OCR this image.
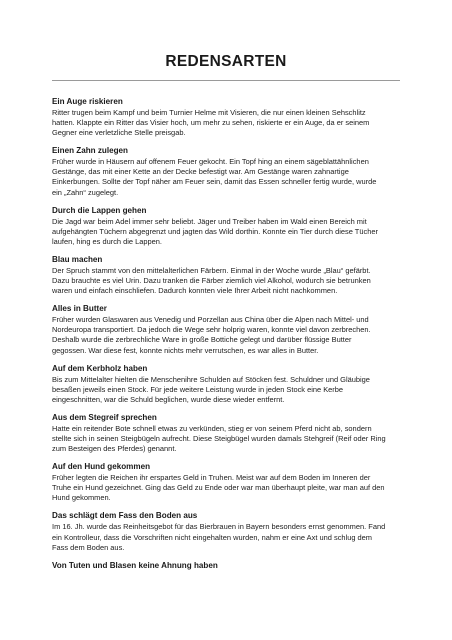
REDENSARTEN
Ein Auge riskieren

Ritter trugen beim Kampf und beim Turnier Helme mit Visieren, die nur einen kleinen Sehschlitz
hatten. Klappte ein Ritter das Visier hoch, um mehr zu sehen, riskierte er ein Auge, da er seinem
Gegner eine verletzliche Stelle preisgab.

Einen Zahn zulegen

Früher wurde in Häusern auf offenem Feuer gekocht. Ein Topf hing an einem sägeblattähnlichen
Gestänge, das mit einer Kette an der Decke befestigt war. Am Gestänge waren zahnartige
Einkerbungen. Sollte der Topf näher am Feuer sein, damit das Essen schneller fertig wurde, wurde
ein „Zahn“ zugelegt.

Durch die Lappen gehen

Die Jagd war beim Adel immer sehr beliebt. Jäger und Treiber haben im Wald einen Bereich mit
aufgehängten Tüchern abgegrenzt und jagten das Wild dorthin. Konnte ein Tier durch diese Tücher
laufen, hing es durch die Lappen.

Blau machen

Der Spruch stammt von den mittelalterlichen Färbern. Einmal in der Woche wurde „Blau“ gefärbt.
Dazu brauchte es viel Urin. Dazu tranken die Färber ziemlich viel Alkohol, wodurch sie betrunken
waren und einfach einschliefen. Dadurch konnten viele Ihrer Arbeit nicht nachkommen.

Alles in Butter

Früher wurden Glaswaren aus Venedig und Porzellan aus China über die Alpen nach Mittel- und
Nordeuropa transportiert. Da jedoch die Wege sehr holprig waren, konnte viel davon zerbrechen.
Deshalb wurde die zerbrechliche Ware in große Bottiche gelegt und darüber flüssige Butter
gegossen. War diese fest, konnte nichts mehr verrutschen, es war alles in Butter.

Auf dem Kerbholz haben

Bis zum Mittelalter hielten die Menschenihre Schulden auf Stöcken fest. Schuldner und Gläubige
besaßen jeweils einen Stock. Für jede weitere Leistung wurde in jeden Stock eine Kerbe
eingeschnitten, war die Schuld beglichen, wurde diese wieder entfernt.

Aus dem Stegreif sprechen

Hatte ein reitender Bote schnell etwas zu verkünden, stieg er von seinem Pferd nicht ab, sondern
stellte sich in seinen Steigbügeln aufrecht. Diese Steigbügel wurden damals Stehgreif (Reif oder Ring
zum Besteigen des Pferdes) genannt.

Auf den Hund gekommen

Früher legten die Reichen ihr erspartes Geld in Truhen. Meist war auf dem Boden im Inneren der
Truhe ein Hund gezeichnet. Ging das Geld zu Ende oder war man überhaupt pleite, war man auf den
Hund gekommen.

Das schlägt dem Fass den Boden aus

Im 16. Jh. wurde das Reinheitsgebot für das Bierbrauen in Bayern besonders ernst genommen. Fand
ein Kontrolleur, dass die Vorschriften nicht eingehalten wurden, nahm er eine Axt und schlug dem
Fass dem Boden aus.

Von Tuten und Blasen keine Ahnung haben
